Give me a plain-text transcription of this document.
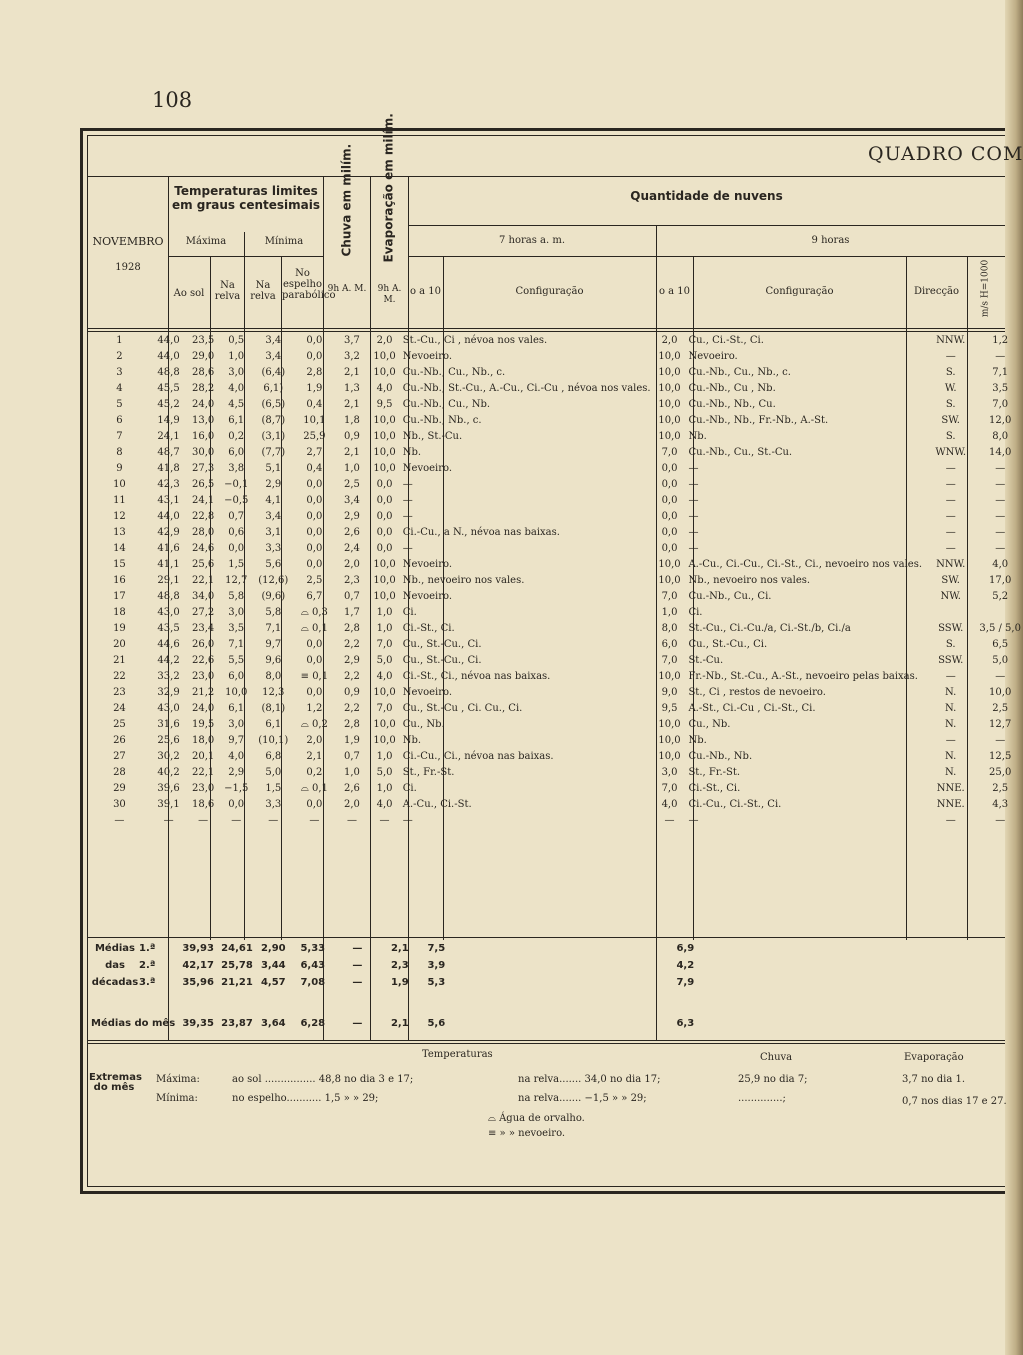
108
QUADRO COM
NOVEMBRO
1928
Temperaturas limites em graus centesimais
Máxima	Mínima
Ao sol
Na relva
Na relva
No espelho parabólico
Chuva em milím. Evaporação em milím.
9h A. M.	9h A. M.
Quantidade de nuvens
7 horas a. m.	9 horas
o a 10	Configuração	o a 10	Configuração	Direcção	m/s H=1000
1	44,0	23,5	0,5	3,4	0,0	3,7	2,0	St.-Cu., Ci , névoa nos vales.	2,0	Cu., Ci.-St., Ci.	NNW.	1,2
2	44,0	29,0	1,0	3,4	0,0	3,2	10,0	Nevoeiro.	10,0	Nevoeiro.	—	—
3	48,8	28,6	3,0	(6,4)	2,8	2,1	10,0	Cu.-Nb., Cu., Nb., c.	10,0	Cu.-Nb., Cu., Nb., c.	S.	7,1
4	45,5	28,2	4,0	6,1)	1,9	1,3	4,0	Cu.-Nb., St.-Cu., A.-Cu., Ci.-Cu , névoa nos vales.	10,0	Cu.-Nb., Cu , Nb.	W.	3,5
5	45,2	24,0	4,5	(6,5)	0,4	2,1	9,5	Cu.-Nb., Cu., Nb.	10,0	Cu.-Nb., Nb., Cu.	S.	7,0
6	14,9	13,0	6,1	(8,7)	10,1	1,8	10,0	Cu.-Nb., Nb., c.	10,0	Cu.-Nb., Nb., Fr.-Nb., A.-St.	SW.	12,0
7	24,1	16,0	0,2	(3,1)	25,9	0,9	10,0	Nb., St.-Cu.	10,0	Nb.	S.	8,0
8	48,7	30,0	6,0	(7,7)	2,7	2,1	10,0	Nb.	7,0	Cu.-Nb., Cu., St.-Cu.	WNW.	14,0
9	41,8	27,3	3,8	5,1	0,4	1,0	10,0	Nevoeiro.	0,0	—	—	—
10	42,3	26,5	−0,1	2,9	0,0	2,5	0,0	—	0,0	—	—	—
11	43,1	24,1	−0,5	4,1	0,0	3,4	0,0	—	0,0	—	—	—
12	44,0	22,8	0,7	3,4	0,0	2,9	0,0	—	0,0	—	—	—
13	42,9	28,0	0,6	3,1	0,0	2,6	0,0	Ci.-Cu., a N., névoa nas baixas.	0,0	—	—	—
14	41,6	24,6	0,0	3,3	0,0	2,4	0,0	—	0,0	—	—	—
15	41,1	25,6	1,5	5,6	0,0	2,0	10,0	Nevoeiro.	10,0	A.-Cu., Ci.-Cu., Ci.-St., Ci., nevoeiro nos vales.	NNW.	4,0
16	29,1	22,1	12,7	(12,6)	2,5	2,3	10,0	Nb., nevoeiro nos vales.	10,0	Nb., nevoeiro nos vales.	SW.	17,0
17	48,8	34,0	5,8	(9,6)	6,7	0,7	10,0	Nevoeiro.	7,0	Cu.-Nb., Cu., Ci.	NW.	5,2
18	43,0	27,2	3,0	5,8	⌓ 0,3	1,7	1,0	Ci.	1,0	Ci.		
19	43,5	23,4	3,5	7,1	⌓ 0,1	2,8	1,0	Ci.-St., Ci.	8,0	St.-Cu., Ci.-Cu./a, Ci.-St./b, Ci./a	SSW.	3,5 / 5,0
20	44,6	26,0	7,1	9,7	0,0	2,2	7,0	Cu., St.-Cu., Ci.	6,0	Cu., St.-Cu., Ci.	S.	6,5
21	44,2	22,6	5,5	9,6	0,0	2,9	5,0	Cu., St.-Cu., Ci.	7,0	St.-Cu.	SSW.	5,0
22	33,2	23,0	6,0	8,0	≡ 0,1	2,2	4,0	Ci.-St., Ci., névoa nas baixas.	10,0	Fr.-Nb., St.-Cu., A.-St., nevoeiro pelas baixas.	—	—
23	32,9	21,2	10,0	12,3	0,0	0,9	10,0	Nevoeiro.	9,0	St., Ci , restos de nevoeiro.	N.	10,0
24	43,0	24,0	6,1	(8,1)	1,2	2,2	7,0	Cu., St.-Cu , Ci. Cu., Ci.	9,5	A.-St., Ci.-Cu , Ci.-St., Ci.	N.	2,5
25	31,6	19,5	3,0	6,1	⌓ 0,2	2,8	10,0	Cu., Nb.	10,0	Cu., Nb.	N.	12,7
26	25,6	18,0	9,7	(10,1)	2,0	1,9	10,0	Nb.	10,0	Nb.	—	—
27	30,2	20,1	4,0	6,8	2,1	0,7	1,0	Ci.-Cu., Ci., névoa nas baixas.	10,0	Cu.-Nb., Nb.	N.	12,5
28	40,2	22,1	2,9	5,0	0,2	1,0	5,0	St., Fr.-St.	3,0	St., Fr.-St.	N.	25,0
29	39,6	23,0	−1,5	1,5	⌓ 0,1	2,6	1,0	Ci.	7,0	Ci.-St., Ci.	NNE.	2,5
30	39,1	18,6	0,0	3,3	0,0	2,0	4,0	A.-Cu., Ci.-St.	4,0	Ci.-Cu., Ci.-St., Ci.	NNE.	4,3
—	—	—	—	—	—	—	—	—	—	—	—	—
Médias 1.ª	39,93	24,61	2,90	5,33	—	2,1	7,5		6,9			
das 2.ª	42,17	25,78	3,44	6,43	—	2,3	3,9		4,2			
décadas3.ª	35,96	21,21	4,57	7,08	—	1,9	5,3		7,9			

Médias do mês	39,35	23,87	3,64	6,28	—	2,1	5,6		6,3			
Temperaturas	Chuva	Evaporação
Extremas do mês
Máxima:
Mínima:
ao sol ................ 48,8 no dia 3 e 17;
no espelho........... 1,5 » » 29;
na relva....... 34,0 no dia 17;
na relva....... −1,5 » » 29;
25,9 no dia 7;
..............;
3,7 no dia 1.
0,7 nos dias 17 e 27.
⌓ Água de orvalho.
≡ » » nevoeiro.
